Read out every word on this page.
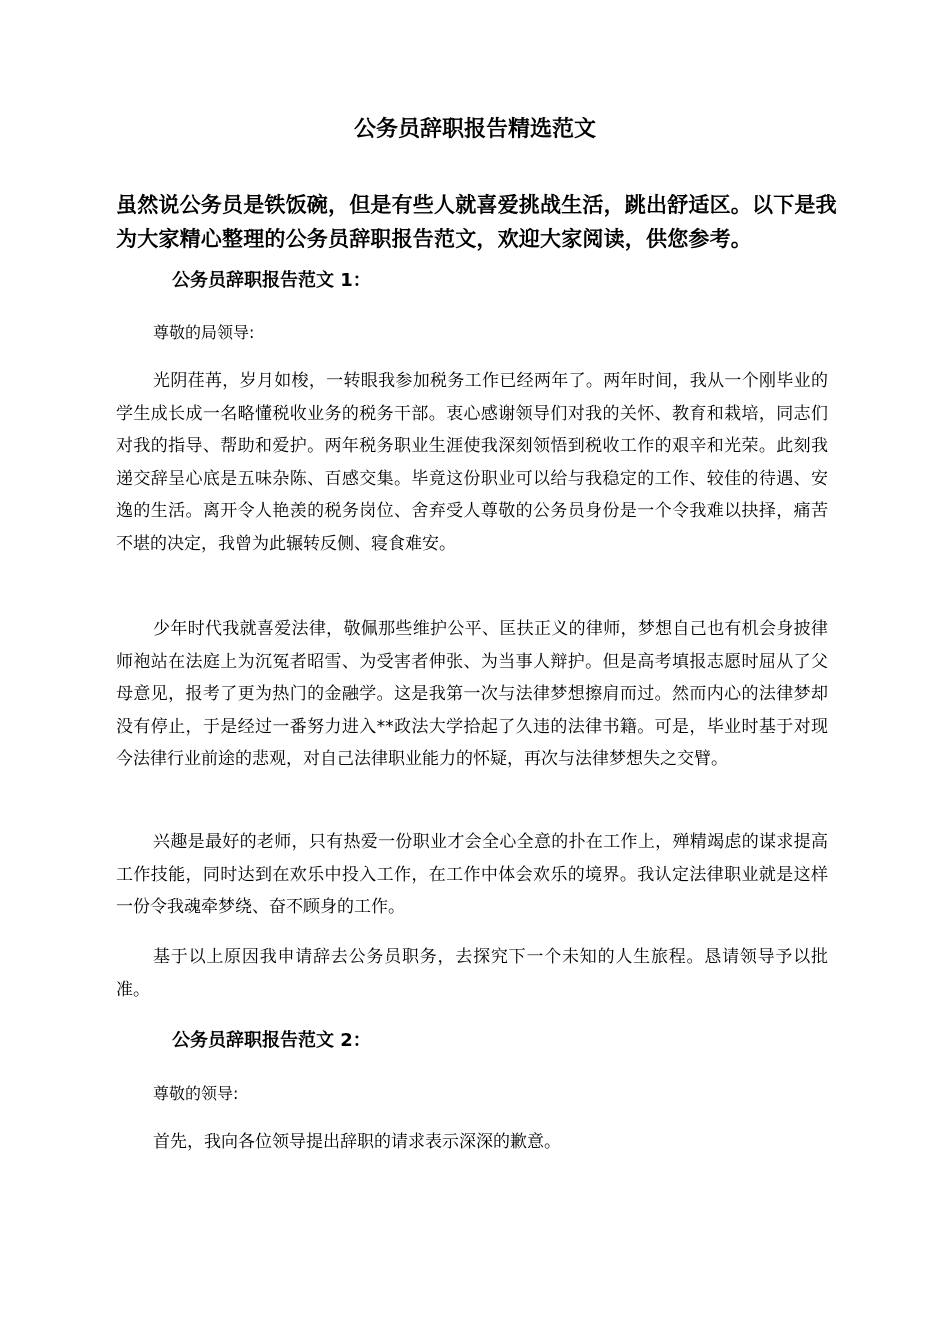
公务员辞职报告精选范文

虽然说公务员是铁饭碗，但是有些人就喜爱挑战生活，跳出舒适区。以下是我为大家精心整理的公务员辞职报告范文，欢迎大家阅读，供您参考。

公务员辞职报告范文 1：

尊敬的局领导:

光阴荏苒，岁月如梭，一转眼我参加税务工作已经两年了。两年时间，我从一个刚毕业的学生成长成一名略懂税收业务的税务干部。衷心感谢领导们对我的关怀、教育和栽培，同志们对我的指导、帮助和爱护。两年税务职业生涯使我深刻领悟到税收工作的艰辛和光荣。此刻我递交辞呈心底是五味杂陈、百感交集。毕竟这份职业可以给与我稳定的工作、较佳的待遇、安逸的生活。离开令人艳羡的税务岗位、舍弃受人尊敬的公务员身份是一个令我难以抉择，痛苦不堪的决定，我曾为此辗转反侧、寝食难安。

少年时代我就喜爱法律，敬佩那些维护公平、匡扶正义的律师，梦想自己也有机会身披律师袍站在法庭上为沉冤者昭雪、为受害者伸张、为当事人辩护。但是高考填报志愿时屈从了父母意见，报考了更为热门的金融学。这是我第一次与法律梦想擦肩而过。然而内心的法律梦却没有停止，于是经过一番努力进入**政法大学拾起了久违的法律书籍。可是，毕业时基于对现今法律行业前途的悲观，对自己法律职业能力的怀疑，再次与法律梦想失之交臂。

兴趣是最好的老师，只有热爱一份职业才会全心全意的扑在工作上，殚精竭虑的谋求提高工作技能，同时达到在欢乐中投入工作，在工作中体会欢乐的境界。我认定法律职业就是这样一份令我魂牵梦绕、奋不顾身的工作。

基于以上原因我申请辞去公务员职务，去探究下一个未知的人生旅程。恳请领导予以批准。

公务员辞职报告范文 2：

尊敬的领导:

首先，我向各位领导提出辞职的请求表示深深的歉意。
